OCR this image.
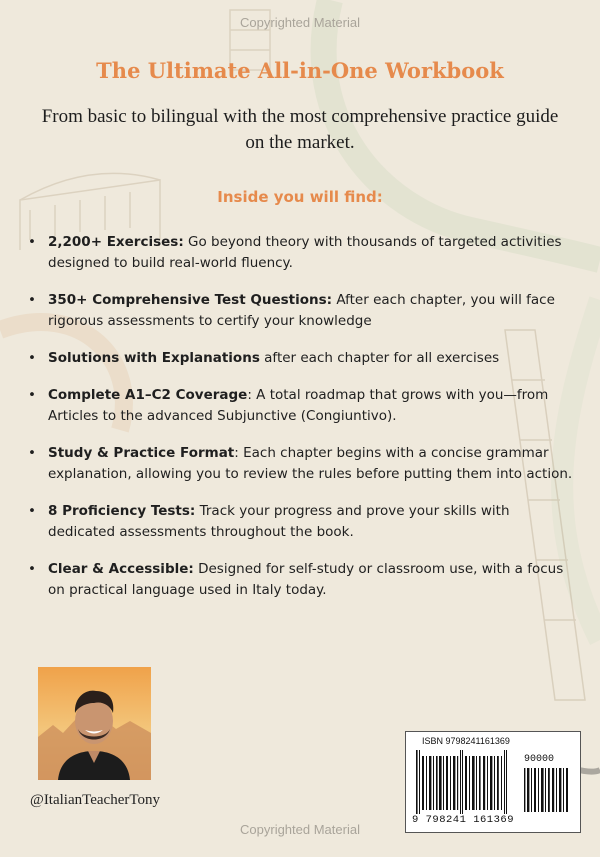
Copyrighted Material
The Ultimate All-in-One Workbook
From basic to bilingual with the most comprehensive practice guide
on the market.
Inside you will find:
• 2,200+ Exercises: Go beyond theory with thousands of targeted activities designed to build real-world fluency.
• 350+ Comprehensive Test Questions: After each chapter, you will face rigorous assessments to certify your knowledge
• Solutions with Explanations after each chapter for all exercises
• Complete A1–C2 Coverage: A total roadmap that grows with you—from Articles to the advanced Subjunctive (Congiuntivo).
• Study & Practice Format: Each chapter begins with a concise grammar explanation, allowing you to review the rules before putting them into action.
• 8 Proficiency Tests: Track your progress and prove your skills with dedicated assessments throughout the book.
• Clear & Accessible: Designed for self-study or classroom use, with a focus on practical language used in Italy today.
@ItalianTeacherTony
ISBN 9798241161369
90000
9 798241 161369
Copyrighted Material
